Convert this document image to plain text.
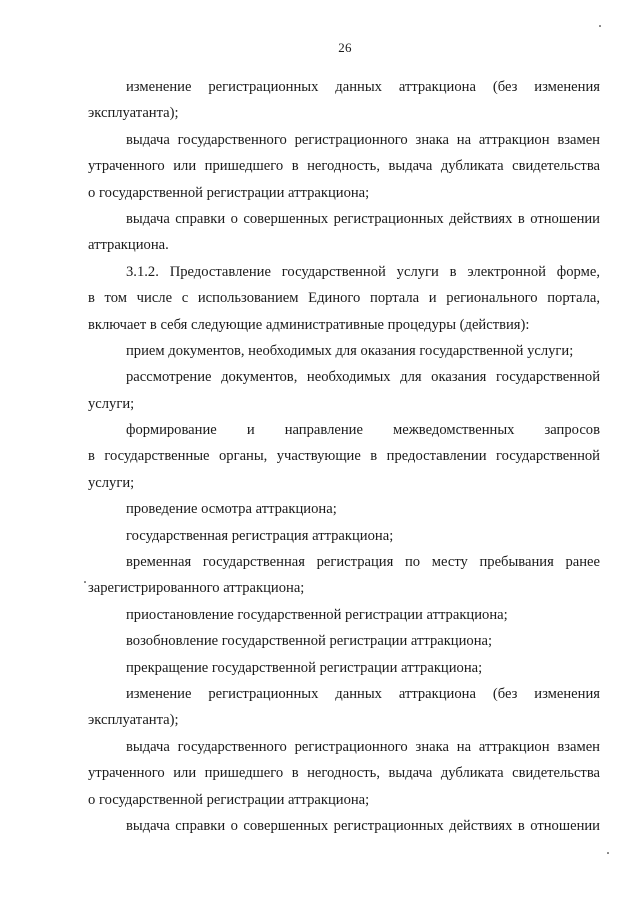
26
изменение регистрационных данных аттракциона (без изменения
эксплуатанта);
выдача государственного регистрационного знака на аттракцион взамен
утраченного или пришедшего в негодность, выдача дубликата свидетельства
о государственной регистрации аттракциона;
выдача справки о совершенных регистрационных действиях в отношении
аттракциона.
3.1.2. Предоставление государственной услуги в электронной форме,
в том числе с использованием Единого портала и регионального портала,
включает в себя следующие административные процедуры (действия):
прием документов, необходимых для оказания государственной услуги;
рассмотрение документов, необходимых для оказания государственной
услуги;
формирование и направление межведомственных запросов
в государственные органы, участвующие в предоставлении государственной
услуги;
проведение осмотра аттракциона;
государственная регистрация аттракциона;
временная государственная регистрация по месту пребывания ранее
зарегистрированного аттракциона;
приостановление государственной регистрации аттракциона;
возобновление государственной регистрации аттракциона;
прекращение государственной регистрации аттракциона;
изменение регистрационных данных аттракциона (без изменения
эксплуатанта);
выдача государственного регистрационного знака на аттракцион взамен
утраченного или пришедшего в негодность, выдача дубликата свидетельства
о государственной регистрации аттракциона;
выдача справки о совершенных регистрационных действиях в отношении
